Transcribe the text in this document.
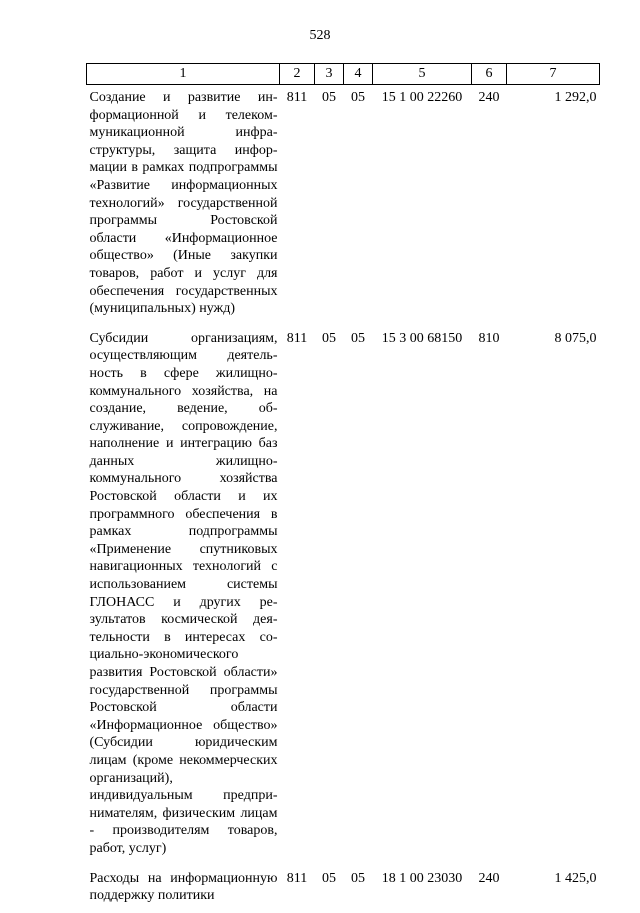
528
1	2	3	4	5	6	7
Создание и развитие информационной и телекоммуникационной инфраструктуры, защита информации в рамках подпрограммы «Развитие информационных технологий» государственной программы Ростовской области «Информационное общество» (Иные закупки товаров, работ и услуг для обеспечения государственных (муниципальных) нужд)	811	05	05	15 1 00 22260	240	1 292,0
Субсидии организациям, осуществляющим деятельность в сфере жилищно-коммунального хозяйства, на создание, ведение, обслуживание, сопровождение, наполнение и интеграцию баз данных жилищно-коммунального хозяйства Ростовской области и их программного обеспечения в рамках подпрограммы «Применение спутниковых навигационных технологий с использованием системы ГЛОНАСС и других результатов космической деятельности в интересах социально-экономического развития Ростовской области» государственной программы Ростовской области «Информационное общество» (Субсидии юридическим лицам (кроме некоммерческих организаций), индивидуальным предпринимателям, физическим лицам - производителям товаров, работ, услуг)	811	05	05	15 3 00 68150	810	8 075,0
Расходы на информационную поддержку политики	811	05	05	18 1 00 23030	240	1 425,0
